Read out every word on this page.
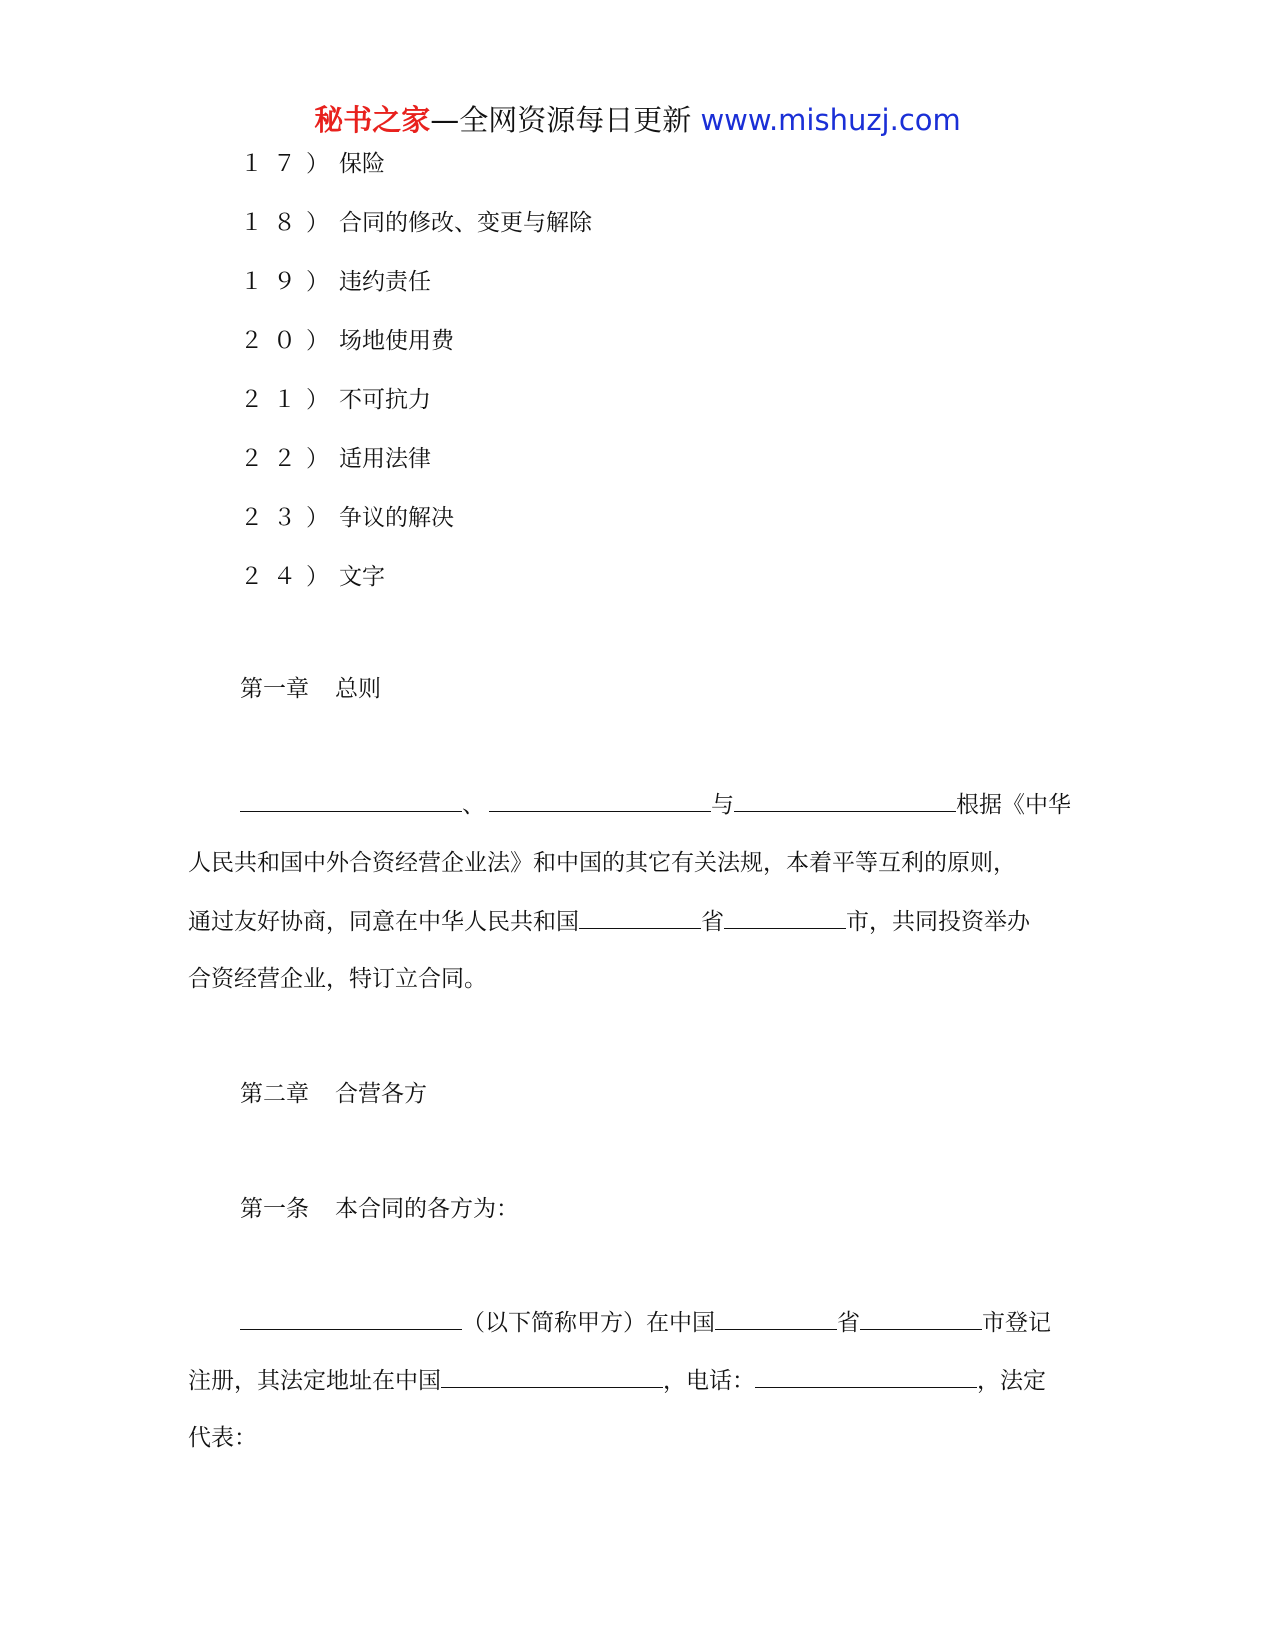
秘书之家—全网资源每日更新 www.mishuzj.com
１７）保险
１８）合同的修改、变更与解除
１９）违约责任
２０）场地使用费
２１）不可抗力
２２）适用法律
２３）争议的解决
２４）文字
第一章 总则
、	与	根据《中华
人民共和国中外合资经营企业法》和中国的其它有关法规，本着平等互利的原则，
通过友好协商，同意在中华人民共和国	省	市，共同投资举办
合资经营企业，特订立合同。
第二章 合营各方
第一条 本合同的各方为：
（以下简称甲方）在中国	省	市登记
注册，其法定地址在中国	，电话：	，法定
代表：
